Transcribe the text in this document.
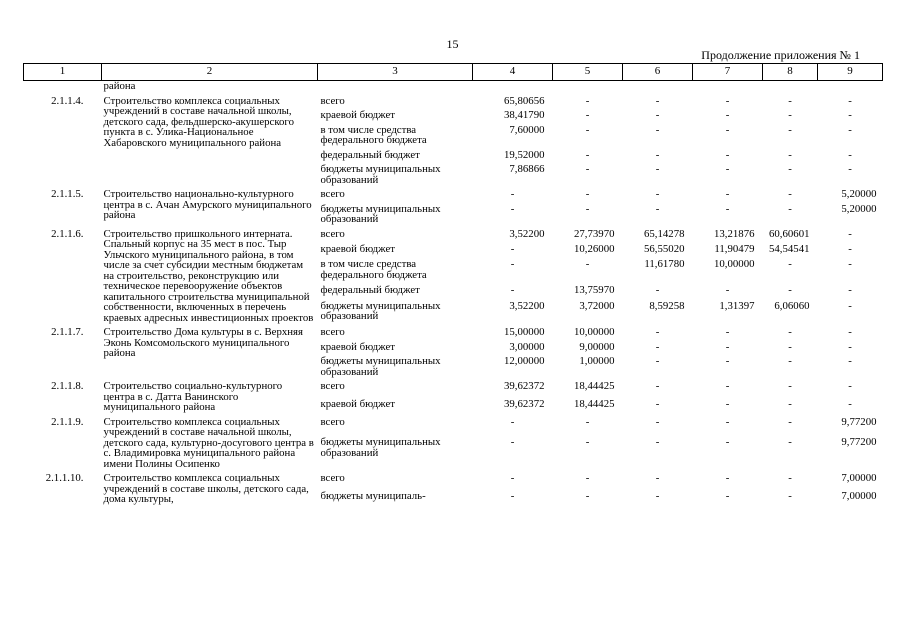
15
Продолжение приложения № 1
1	2	3	4	5	6	7	8	9
	района							
2.1.1.4.	Строительство комплекса социальных учреждений в составе начальной школы, детского сада, фельдшерско-акушерского пункта в с. Улика-Национальное Хабаровского муниципального района	всего	65,80656	-	-	-	-	-
		краевой бюджет	38,41790	-	-	-	-	-
		в том числе средства федерального бюджета	7,60000	-	-	-	-	-
		федеральный бюджет	19,52000	-	-	-	-	-
		бюджеты муниципальных образований	7,86866	-	-	-	-	-
2.1.1.5.	Строительство национально-культурного центра в с. Ачан Амурского муниципального района	всего	-	-	-	-	-	5,20000
		бюджеты муниципальных образований	-	-	-	-	-	5,20000
2.1.1.6.	Строительство пришкольного интерната. Спальный корпус на 35 мест в пос. Тыр Ульчского муниципального района, в том числе за счет субсидии местным бюджетам на строительство, реконструкцию или техническое перевооружение объектов капитального строительства муниципальной собственности, включенных в перечень краевых адресных инвестиционных проектов	всего	3,52200	27,73970	65,14278	13,21876	60,60601	-
		краевой бюджет	-	10,26000	56,55020	11,90479	54,54541	-
		в том числе средства федерального бюджета	-	-	11,61780	10,00000	-	-
		федеральный бюджет	-	13,75970	-	-	-	-
		бюджеты муниципальных образований	3,52200	3,72000	8,59258	1,31397	6,06060	-
2.1.1.7.	Строительство Дома культуры в с. Верхняя Эконь Комсомольского муниципального района	всего	15,00000	10,00000	-	-	-	-
		краевой бюджет	3,00000	9,00000	-	-	-	-
		бюджеты муниципальных образований	12,00000	1,00000	-	-	-	-
2.1.1.8.	Строительство социально-культурного центра в с. Датта Ванинского муниципального района	всего	39,62372	18,44425	-	-	-	-
		краевой бюджет	39,62372	18,44425	-	-	-	-
2.1.1.9.	Строительство комплекса социальных учреждений в составе начальной школы, детского сада, культурно-досугового центра в с. Владимировка муниципального района имени Полины Осипенко	всего	-	-	-	-	-	9,77200
		бюджеты муниципальных образований	-	-	-	-	-	9,77200
2.1.1.10.	Строительство комплекса социальных учреждений в составе школы, детского сада, дома культуры,	всего	-	-	-	-	-	7,00000
		бюджеты муниципаль-	-	-	-	-	-	7,00000
